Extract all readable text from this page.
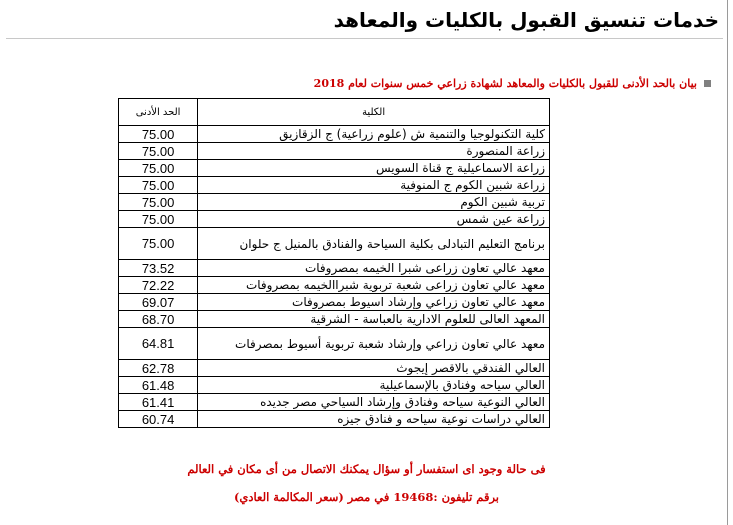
خدمات تنسيق القبول بالكليات والمعاهد
بيان بالحد الأدنى للقبول بالكليات والمعاهد لشهادة زراعي خمس سنوات لعام 2018
الكلية	الحد الأدنى
كلية التكنولوجيا والتنمية ش (علوم زراعية) ج الزقازيق	75.00
زراعة المنصورة	75.00
زراعة الاسماعيلية ج قناة السويس	75.00
زراعة شبين الكوم ج المنوفية	75.00
تربية شبين الكوم	75.00
زراعة عين شمس	75.00
برنامج التعليم التبادلى بكلية السياحة والفنادق بالمنيل ج حلوان	75.00
معهد عالي تعاون زراعى شبرا الخيمه بمصروفات	73.52
معهد عالي تعاون زراعى شعبة تربوية شبراالخيمه بمصروفات	72.22
معهد عالي تعاون زراعي وإرشاد اسيوط بمصروفات	69.07
المعهد العالى للعلوم الادارية بالعباسة - الشرقية	68.70
معهد عالي تعاون زراعي وإرشاد شعبة تربوية أسيوط بمصرفات	64.81
العالي الفندقي بالاقصر إيجوث	62.78
العالي سياحه وفنادق بالإسماعيلية	61.48
العالي النوعية سياحه وفنادق وإرشاد السياحي مصر جديده	61.41
العالي دراسات نوعية سياحه و فنادق جيزه	60.74
فى حالة وجود اى استفسار أو سؤال يمكنك الاتصال من أى مكان في العالم
برقم تليفون :19468 في مصر (سعر المكالمة العادي)
